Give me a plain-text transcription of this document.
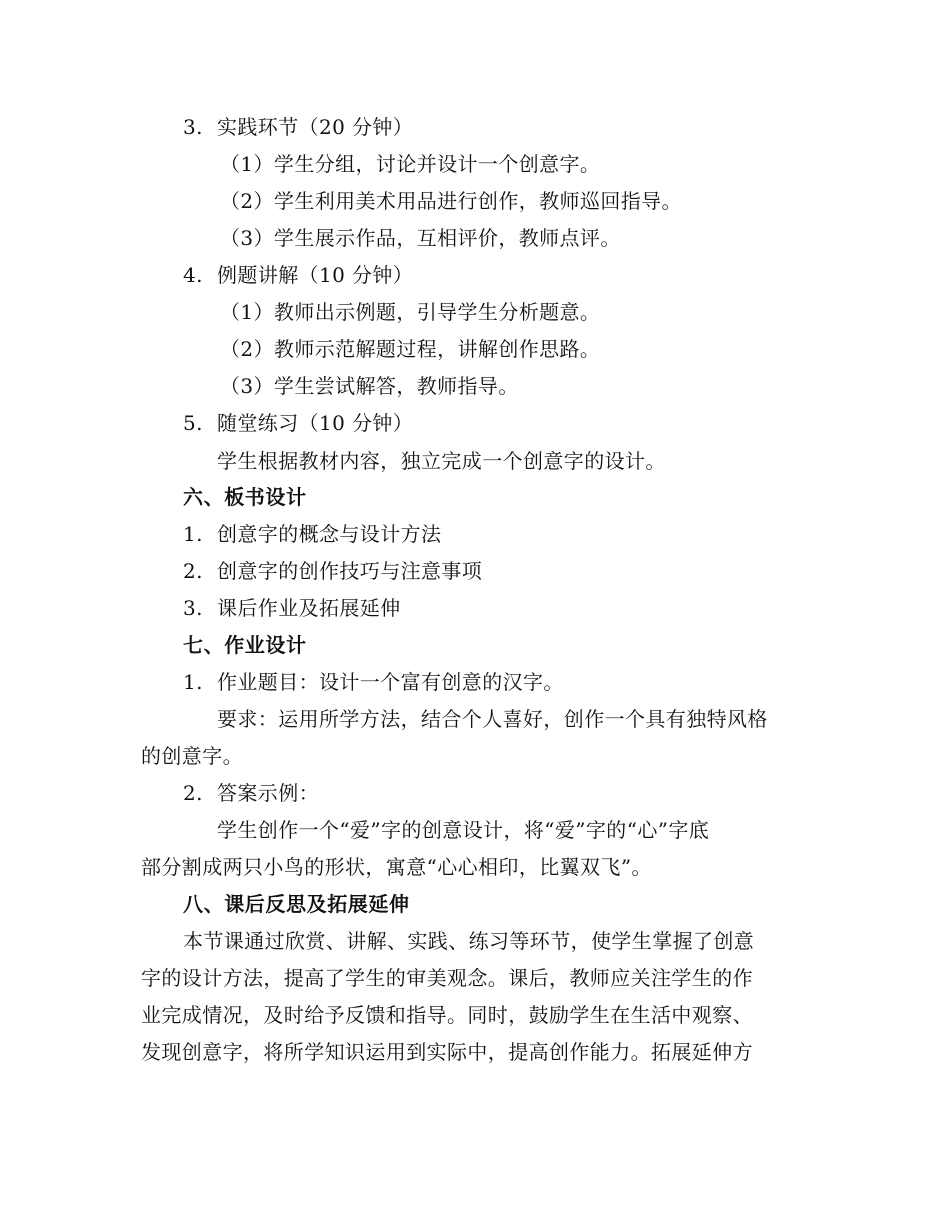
3. 实践环节（20 分钟）
（1）学生分组，讨论并设计一个创意字。
（2）学生利用美术用品进行创作，教师巡回指导。
（3）学生展示作品，互相评价，教师点评。
4. 例题讲解（10 分钟）
（1）教师出示例题，引导学生分析题意。
（2）教师示范解题过程，讲解创作思路。
（3）学生尝试解答，教师指导。
5. 随堂练习（10 分钟）
学生根据教材内容，独立完成一个创意字的设计。
六、板书设计
1. 创意字的概念与设计方法
2. 创意字的创作技巧与注意事项
3. 课后作业及拓展延伸
七、作业设计
1. 作业题目：设计一个富有创意的汉字。
要求：运用所学方法，结合个人喜好，创作一个具有独特风格
的创意字。
2. 答案示例：
学生创作一个“爱”字的创意设计，将“爱”字的“心”字底
部分割成两只小鸟的形状，寓意“心心相印，比翼双飞”。
八、课后反思及拓展延伸
本节课通过欣赏、讲解、实践、练习等环节，使学生掌握了创意
字的设计方法，提高了学生的审美观念。课后，教师应关注学生的作
业完成情况，及时给予反馈和指导。同时，鼓励学生在生活中观察、
发现创意字，将所学知识运用到实际中，提高创作能力。拓展延伸方
